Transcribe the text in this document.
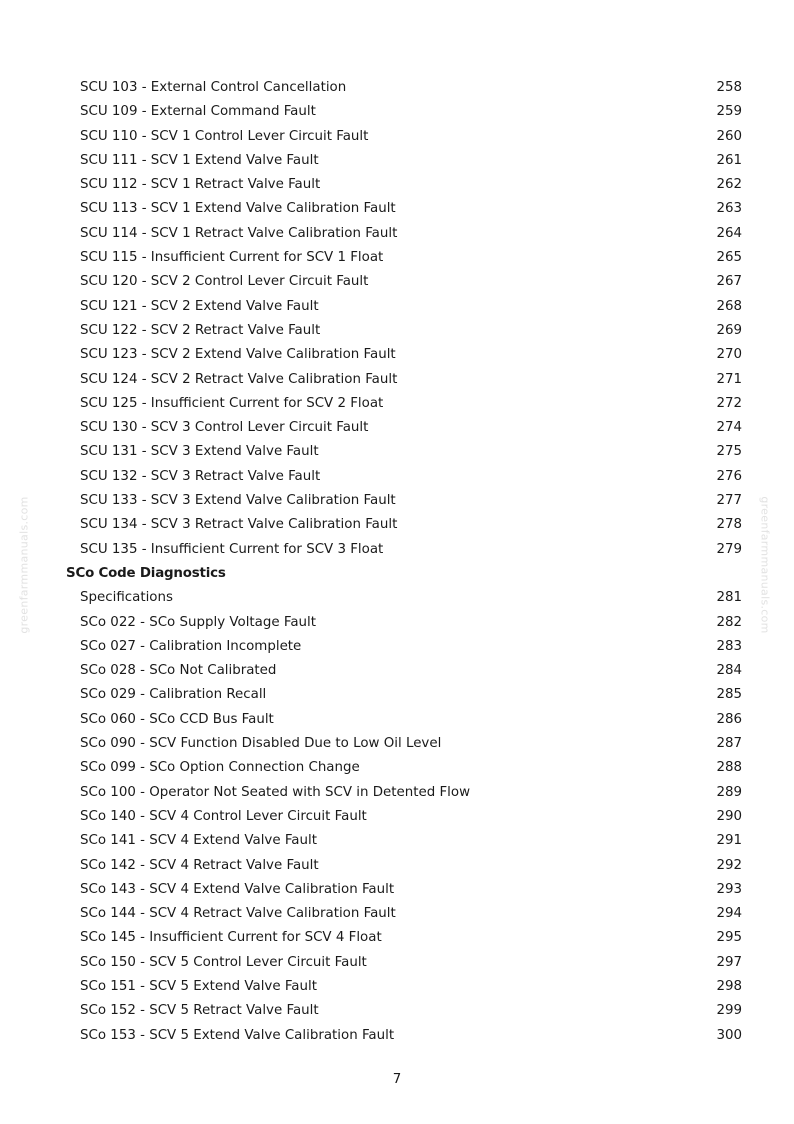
greenfarmmanuals.com	greenfarmmanuals.com
SCU 103 - External Control Cancellation	258
SCU 109 - External Command Fault	259
SCU 110 - SCV 1 Control Lever Circuit Fault	260
SCU 111 - SCV 1 Extend Valve Fault	261
SCU 112 - SCV 1 Retract Valve Fault	262
SCU 113 - SCV 1 Extend Valve Calibration Fault	263
SCU 114 - SCV 1 Retract Valve Calibration Fault	264
SCU 115 - Insufficient Current for SCV 1 Float	265
SCU 120 - SCV 2 Control Lever Circuit Fault	267
SCU 121 - SCV 2 Extend Valve Fault	268
SCU 122 - SCV 2 Retract Valve Fault	269
SCU 123 - SCV 2 Extend Valve Calibration Fault	270
SCU 124 - SCV 2 Retract Valve Calibration Fault	271
SCU 125 - Insufficient Current for SCV 2 Float	272
SCU 130 - SCV 3 Control Lever Circuit Fault	274
SCU 131 - SCV 3 Extend Valve Fault	275
SCU 132 - SCV 3 Retract Valve Fault	276
SCU 133 - SCV 3 Extend Valve Calibration Fault	277
SCU 134 - SCV 3 Retract Valve Calibration Fault	278
SCU 135 - Insufficient Current for SCV 3 Float	279
SCo Code Diagnostics
Specifications	281
SCo 022 - SCo Supply Voltage Fault	282
SCo 027 - Calibration Incomplete	283
SCo 028 - SCo Not Calibrated	284
SCo 029 - Calibration Recall	285
SCo 060 - SCo CCD Bus Fault	286
SCo 090 - SCV Function Disabled Due to Low Oil Level	287
SCo 099 - SCo Option Connection Change	288
SCo 100 - Operator Not Seated with SCV in Detented Flow	289
SCo 140 - SCV 4 Control Lever Circuit Fault	290
SCo 141 - SCV 4 Extend Valve Fault	291
SCo 142 - SCV 4 Retract Valve Fault	292
SCo 143 - SCV 4 Extend Valve Calibration Fault	293
SCo 144 - SCV 4 Retract Valve Calibration Fault	294
SCo 145 - Insufficient Current for SCV 4 Float	295
SCo 150 - SCV 5 Control Lever Circuit Fault	297
SCo 151 - SCV 5 Extend Valve Fault	298
SCo 152 - SCV 5 Retract Valve Fault	299
SCo 153 - SCV 5 Extend Valve Calibration Fault	300
7
